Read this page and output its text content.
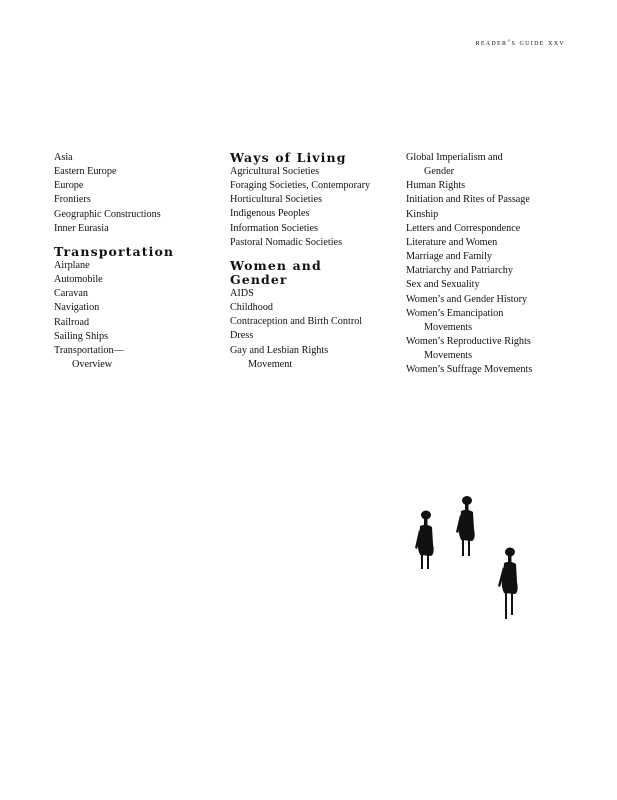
reader’s guide xxv
Asia
Eastern Europe
Europe
Frontiers
Geographic Constructions
Inner Eurasia
Transportation
Airplane
Automobile
Caravan
Navigation
Railroad
Sailing Ships
Transportation—
Overview
Ways of Living
Agricultural Societies
Foraging Societies, Contemporary
Horticultural Societies
Indigenous Peoples
Information Societies
Pastoral Nomadic Societies
Women and
Gender
AIDS
Childhood
Contraception and Birth Control
Dress
Gay and Lesbian Rights
Movement
Global Imperialism and
Gender
Human Rights
Initiation and Rites of Passage
Kinship
Letters and Correspondence
Literature and Women
Marriage and Family
Matriarchy and Patriarchy
Sex and Sexuality
Women’s and Gender History
Women’s Emancipation
Movements
Women’s Reproductive Rights
Movements
Women’s Suffrage Movements
